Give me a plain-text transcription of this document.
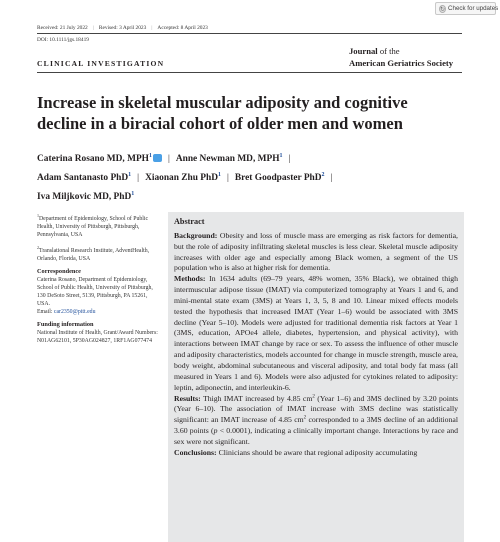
↻ Check for updates
Received: 21 July 2022 | Revised: 3 April 2023 | Accepted: 8 April 2023
DOI: 10.1111/jgs.18419
Journal of the
American Geriatrics Society
CLINICAL INVESTIGATION
Increase in skeletal muscular adiposity and cognitive decline in a biracial cohort of older men and women
Caterina Rosano MD, MPH$^1$ | Anne Newman MD, MPH$^1$ |
Adam Santanasto PhD$^1$ | Xiaonan Zhu PhD$^1$ | Bret Goodpaster PhD$^2$ |
Iva Miljkovic MD, PhD$^1$

$^1$Department of Epidemiology, School of Public Health, University of Pittsburgh, Pittsburgh, Pennsylvania, USA

$^2$Translational Research Institute, AdventHealth, Orlando, Florida, USA

Correspondence

Caterina Rosano, Department of Epidemiology, School of Public Health, University of Pittsburgh, 130 DeSoto Street, 5139, Pittsburgh, PA 15261, USA.
Email: car2350@pitt.edu

Funding information

National Institute of Health, Grant/Award Numbers: N01AG62101, 5P30AG024827, 1RF1AG077474

Abstract

Background: Obesity and loss of muscle mass are emerging as risk factors for dementia, but the role of adiposity infiltrating skeletal muscles is less clear. Skeletal muscle adiposity increases with older age and especially among Black women, a segment of the US population who is also at higher risk for dementia.

Methods: In 1634 adults (69–79 years, 48% women, 35% Black), we obtained thigh intermuscular adipose tissue (IMAT) via computerized tomography at Years 1 and 6, and mini-mental state exam (3MS) at Years 1, 3, 5, 8 and 10. Linear mixed effects models tested the hypothesis that increased IMAT (Year 1–6) would be associated with 3MS decline (Year 5–10). Models were adjusted for traditional dementia risk factors at Year 1 (3MS, education, APOe4 allele, diabetes, hypertension, and physical activity), with interactions between IMAT change by race or sex. To assess the influence of other muscle and adiposity characteristics, models accounted for change in muscle strength, muscle area, body weight, abdominal subcutaneous and visceral adiposity, and total body fat mass (all measured in Years 1 and 6). Models were also adjusted for cytokines related to adiposity: leptin, adiponectin, and interleukin-6.

Results: Thigh IMAT increased by 4.85 $cm^2$ (Year 1–6) and 3MS declined by 3.20 points (Year 6–10). The association of IMAT increase with 3MS decline was statistically significant: an IMAT increase of 4.85 $cm^2$ corresponded to a 3MS decline of an additional 3.60 points (p < 0.0001), indicating a clinically important change. Interactions by race and sex were not significant.

Conclusions: Clinicians should be aware that regional adiposity accumulating
